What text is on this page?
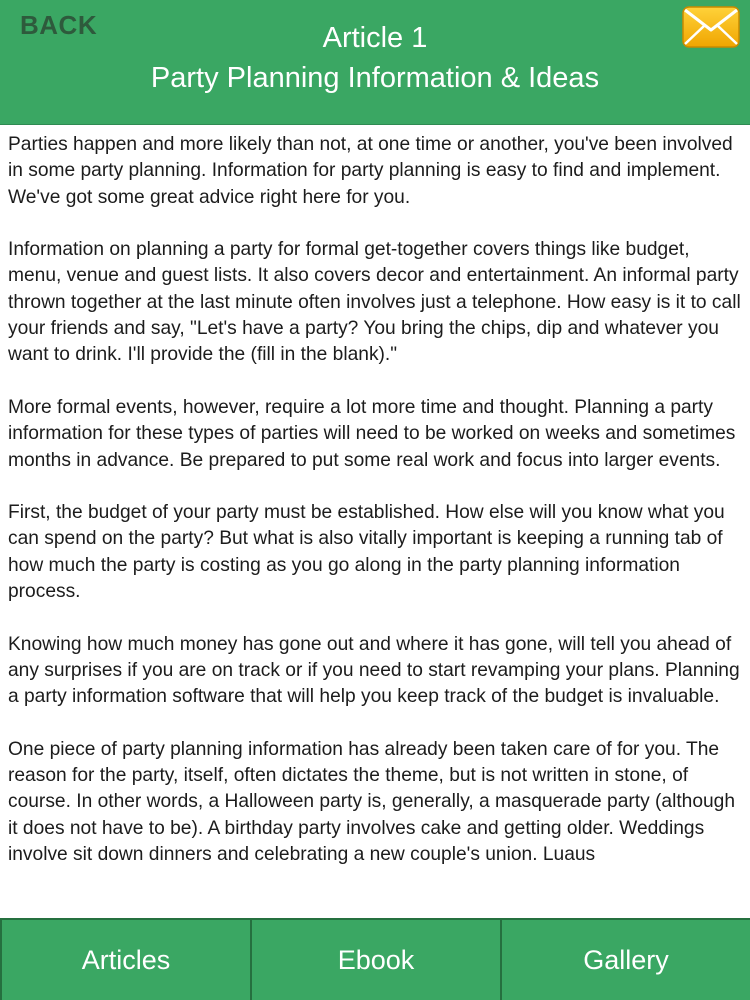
BACK	Article 1
Party Planning Information & Ideas

Parties happen and more likely than not, at one time or another, you've been involved in some party planning. Information for party planning is easy to find and implement. We've got some great advice right here for you.

Information on planning a party for formal get-together covers things like budget, menu, venue and guest lists. It also covers decor and entertainment. An informal party thrown together at the last minute often involves just a telephone. How easy is it to call your friends and say, "Let's have a party? You bring the chips, dip and whatever you want to drink. I'll provide the (fill in the blank)."

More formal events, however, require a lot more time and thought. Planning a party information for these types of parties will need to be worked on weeks and sometimes months in advance. Be prepared to put some real work and focus into larger events.

First, the budget of your party must be established. How else will you know what you can spend on the party? But what is also vitally important is keeping a running tab of how much the party is costing as you go along in the party planning information process.

Knowing how much money has gone out and where it has gone, will tell you ahead of any surprises if you are on track or if you need to start revamping your plans. Planning a party information software that will help you keep track of the budget is invaluable.

One piece of party planning information has already been taken care of for you. The reason for the party, itself, often dictates the theme, but is not written in stone, of course. In other words, a Halloween party is, generally, a masquerade party (although it does not have to be). A birthday party involves cake and getting older. Weddings involve sit down dinners and celebrating a new couple's union. Luaus

Articles	Ebook	Gallery
